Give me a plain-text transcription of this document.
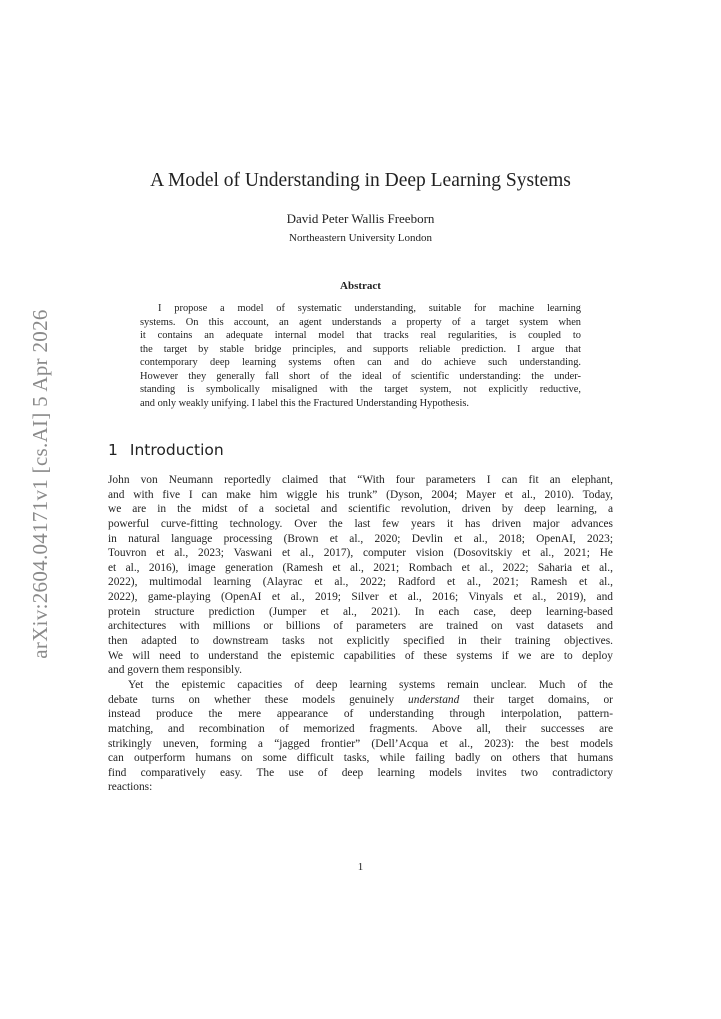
arXiv:2604.04171v1 [cs.AI] 5 Apr 2026
A Model of Understanding in Deep Learning Systems
David Peter Wallis Freeborn
Northeastern University London
Abstract
I propose a model of systematic understanding, suitable for machine learning
systems. On this account, an agent understands a property of a target system when
it contains an adequate internal model that tracks real regularities, is coupled to
the target by stable bridge principles, and supports reliable prediction. I argue that
contemporary deep learning systems often can and do achieve such understanding.
However they generally fall short of the ideal of scientific understanding: the under-
standing is symbolically misaligned with the target system, not explicitly reductive,
and only weakly unifying. I label this the Fractured Understanding Hypothesis.
1 Introduction
John von Neumann reportedly claimed that “With four parameters I can fit an elephant,
and with five I can make him wiggle his trunk” (Dyson, 2004; Mayer et al., 2010). Today,
we are in the midst of a societal and scientific revolution, driven by deep learning, a
powerful curve-fitting technology. Over the last few years it has driven major advances
in natural language processing (Brown et al., 2020; Devlin et al., 2018; OpenAI, 2023;
Touvron et al., 2023; Vaswani et al., 2017), computer vision (Dosovitskiy et al., 2021; He
et al., 2016), image generation (Ramesh et al., 2021; Rombach et al., 2022; Saharia et al.,
2022), multimodal learning (Alayrac et al., 2022; Radford et al., 2021; Ramesh et al.,
2022), game-playing (OpenAI et al., 2019; Silver et al., 2016; Vinyals et al., 2019), and
protein structure prediction (Jumper et al., 2021). In each case, deep learning-based
architectures with millions or billions of parameters are trained on vast datasets and
then adapted to downstream tasks not explicitly specified in their training objectives.
We will need to understand the epistemic capabilities of these systems if we are to deploy
and govern them responsibly.
Yet the epistemic capacities of deep learning systems remain unclear. Much of the
debate turns on whether these models genuinely understand their target domains, or
instead produce the mere appearance of understanding through interpolation, pattern-
matching, and recombination of memorized fragments. Above all, their successes are
strikingly uneven, forming a “jagged frontier” (Dell’Acqua et al., 2023): the best models
can outperform humans on some difficult tasks, while failing badly on others that humans
find comparatively easy. The use of deep learning models invites two contradictory
reactions:
1
